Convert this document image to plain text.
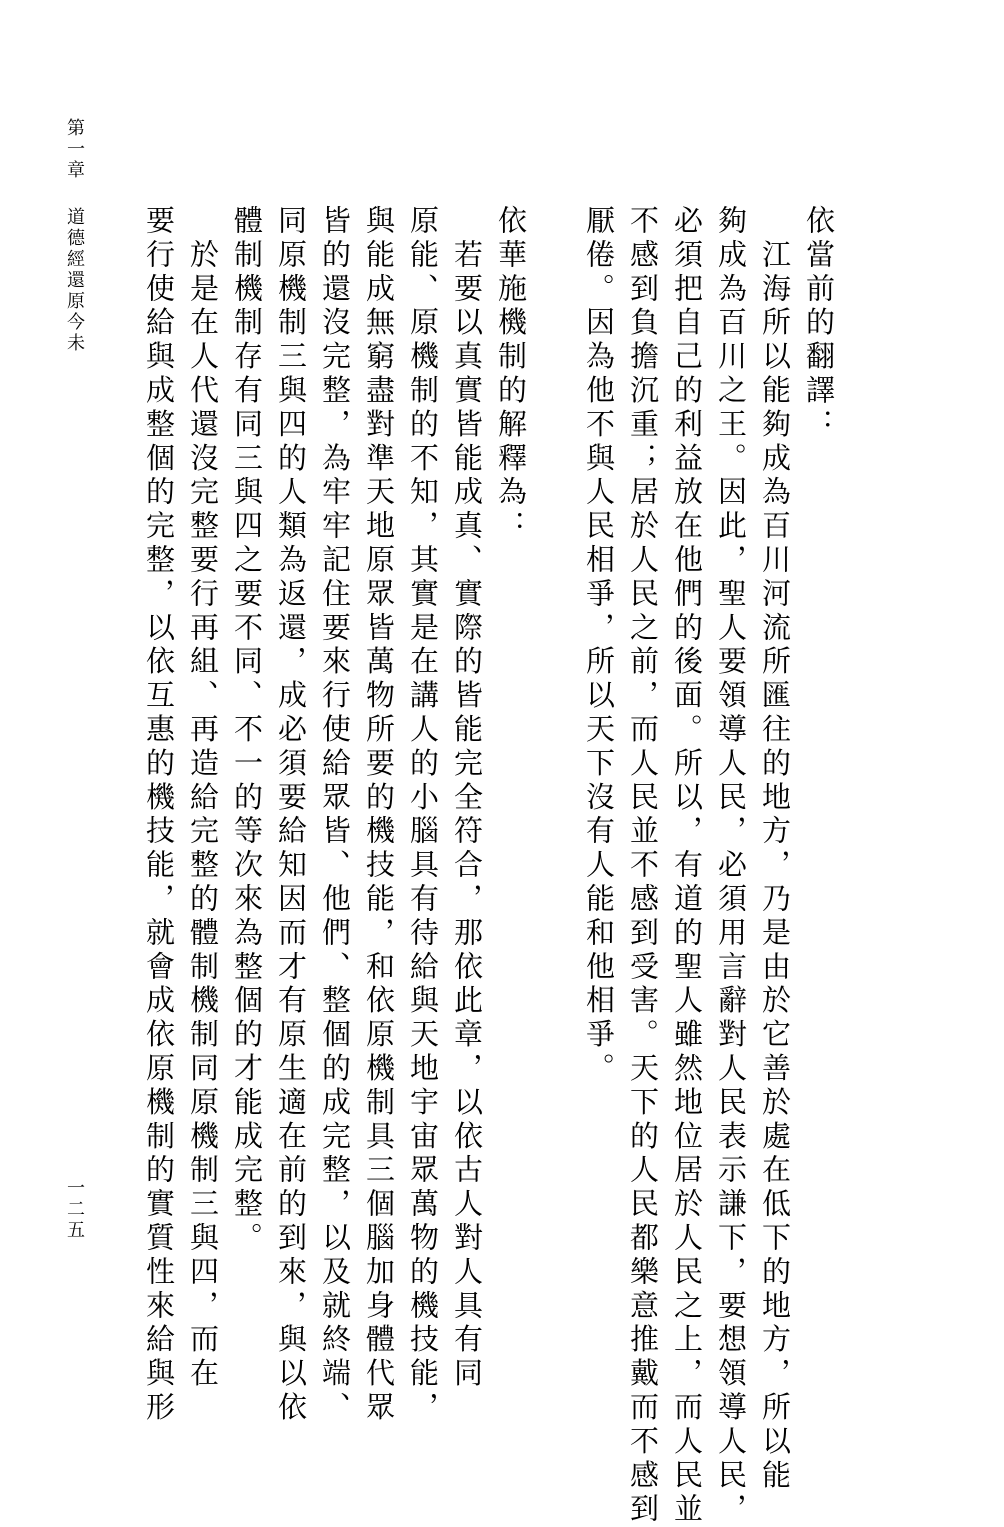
第一章道德經還原今未
一二五
依當前的翻譯：
　江海所以能夠成為百川河流所匯往的地方，乃是由於它善於處在低下的地方，所以能
夠成為百川之王。因此，聖人要領導人民，必須用言辭對人民表示謙下，要想領導人民，
必須把自己的利益放在他們的後面。所以，有道的聖人雖然地位居於人民之上，而人民並
不感到負擔沉重；居於人民之前，而人民並不感到受害。天下的人民都樂意推戴而不感到
厭倦。因為他不與人民相爭，所以天下沒有人能和他相爭。
依華施機制的解釋為：
　若要以真實皆能成真、實際的皆能完全符合，那依此章，以依古人對人具有同
原能、原機制的不知，其實是在講人的小腦具有待給與天地宇宙眾萬物的機技能，
與能成無窮盡對準天地原眾皆萬物所要的機技能，和依原機制具三個腦加身體代眾
皆的還沒完整，為牢牢記住要來行使給眾皆、他們、整個的成完整，以及就終端、
同原機制三與四的人類為返還，成必須要給知因而才有原生適在前的到來，與以依
體制機制存有同三與四之要不同、不一的等次來為整個的才能成完整。
　於是在人代還沒完整要行再組、再造給完整的體制機制同原機制三與四，而在
要行使給與成整個的完整，以依互惠的機技能，就會成依原機制的實質性來給與形
